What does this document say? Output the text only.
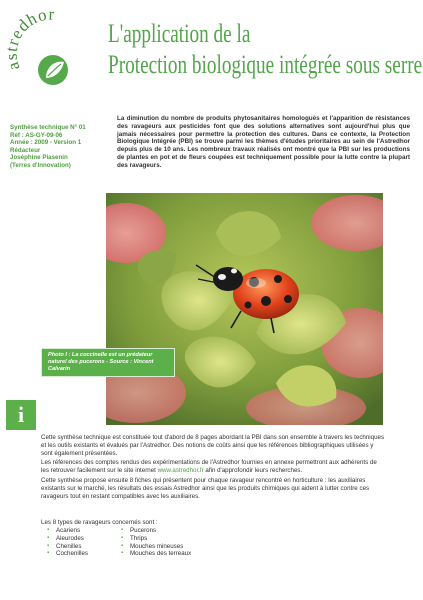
edhor
L'application de la
Protection biologique intégrée sous serre
Synthèse technique N° 01
Réf : AS-GY-09-06
Année : 2009 - Version 1
Rédacteur
Joséphine Piasenin
(Terres d'Innovation)
La diminution du nombre de produits phytosanitaires homologués et l'apparition de résistances des ravageurs aux pesticides font que des solutions alternatives sont aujourd'hui plus que jamais nécessaires pour permettre la protection des cultures. Dans ce contexte, la Protection Biologique Intégrée (PBI) se trouve parmi les thèmes d'études prioritaires au sein de l'Astredhor depuis plus de 10 ans. Les nombreux travaux réalisés ont montré que la PBI sur les productions de plantes en pot et de fleurs coupées est techniquement possible pour la lutte contre la plupart des ravageurs.
Photo I : La coccinelle est un prédateur naturel des pucerons - Source : Vincent Calvarin
i

Cette synthèse technique est constituée tout d'abord de 8 pages abordant la PBI dans son ensemble à travers les techniques et les outils existants et évalués par l'Astredhor. Des notions de coûts ainsi que les références bibliographiques utilisées y sont également présentées.

Les références des comptes rendus des expérimentations de l'Astredhor fournies en annexe permettront aux adhérents de les retrouver facilement sur le site internet www.astredhor.fr afin d'approfondir leurs recherches.

Cette synthèse propose ensuite 8 fiches qui présentent pour chaque ravageur rencontré en horticulture : les auxiliaires existants sur le marché, les résultats des essais Astredhor ainsi que les produits chimiques qui aident à lutter contre ces ravageurs tout en restant compatibles avec les auxiliaires.

Les 8 types de ravageurs concernés sont :
▪ Acariens
▪ Aleurodes
▪ Chenilles
▪ Cochenilles
▪ Pucerons
▪ Thrips
▪ Mouches mineuses
▪ Mouches des terreaux
